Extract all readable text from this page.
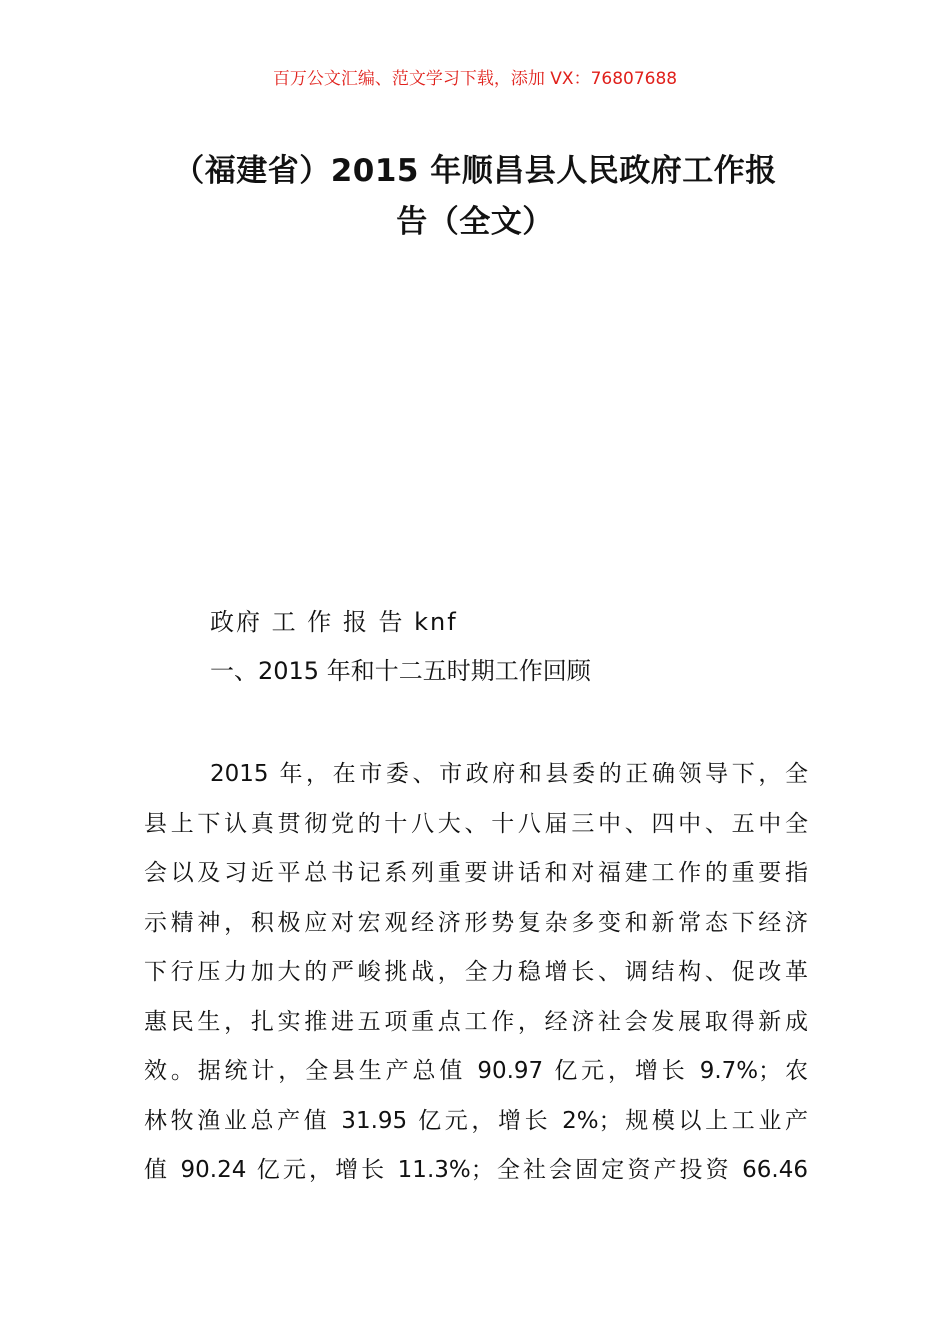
百万公文汇编、范文学习下载，添加 VX：76807688
（福建省）2015 年顺昌县人民政府工作报
告（全文）
政府 工 作 报 告 knf
一、2015 年和十二五时期工作回顾
2015 年，在市委、市政府和县委的正确领导下，全
县上下认真贯彻党的十八大、十八届三中、四中、五中全
会以及习近平总书记系列重要讲话和对福建工作的重要指
示精神，积极应对宏观经济形势复杂多变和新常态下经济
下行压力加大的严峻挑战，全力稳增长、调结构、促改革
惠民生，扎实推进五项重点工作，经济社会发展取得新成
效。据统计，全县生产总值 90.97 亿元，增长 9.7%；农
林牧渔业总产值 31.95 亿元，增长 2%；规模以上工业产
值 90.24 亿元，增长 11.3%；全社会固定资产投资 66.46
